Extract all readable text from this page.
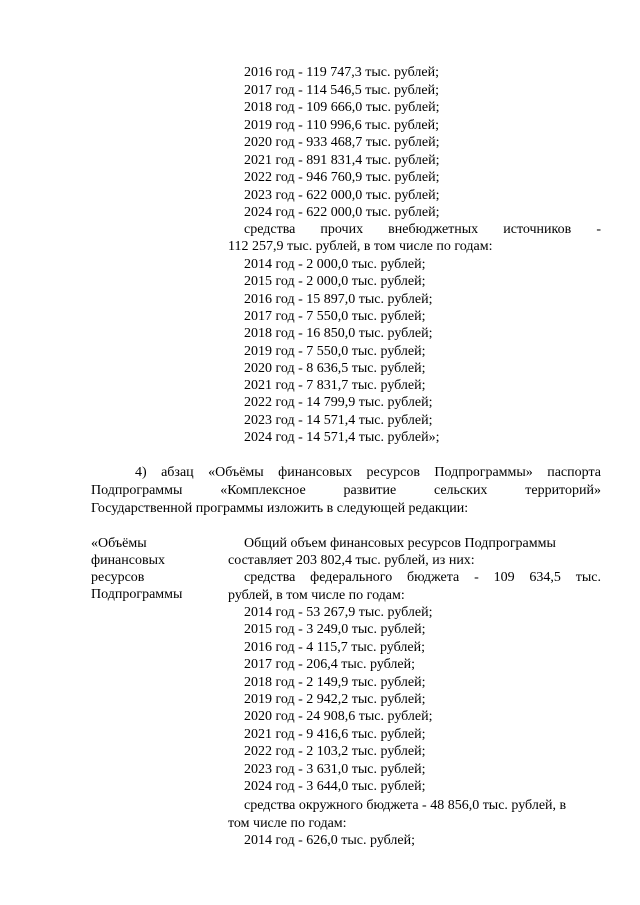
2016 год - 119 747,3 тыс. рублей;
2017 год - 114 546,5 тыс. рублей;
2018 год - 109 666,0 тыс. рублей;
2019 год - 110 996,6 тыс. рублей;
2020 год - 933 468,7 тыс. рублей;
2021 год - 891 831,4 тыс. рублей;
2022 год - 946 760,9 тыс. рублей;
2023 год - 622 000,0 тыс. рублей;
2024 год - 622 000,0 тыс. рублей;
средства прочих внебюджетных источников -
112 257,9 тыс. рублей, в том числе по годам:
2014 год - 2 000,0 тыс. рублей;
2015 год - 2 000,0 тыс. рублей;
2016 год - 15 897,0 тыс. рублей;
2017 год - 7 550,0 тыс. рублей;
2018 год - 16 850,0 тыс. рублей;
2019 год - 7 550,0 тыс. рублей;
2020 год - 8 636,5 тыс. рублей;
2021 год - 7 831,7 тыс. рублей;
2022 год - 14 799,9 тыс. рублей;
2023 год - 14 571,4 тыс. рублей;
2024 год - 14 571,4 тыс. рублей»;
4) абзац «Объёмы финансовых ресурсов Подпрограммы» паспорта
Подпрограммы	«Комплексное	развитие	сельских	территорий»
Государственной программы изложить в следующей редакции:
«Объёмы
финансовых
ресурсов
Подпрограммы
Общий объем финансовых ресурсов Подпрограммы
составляет 203 802,4 тыс. рублей, из них:
средства федерального бюджета - 109 634,5 тыс.
рублей, в том числе по годам:
2014 год - 53 267,9 тыс. рублей;
2015 год - 3 249,0 тыс. рублей;
2016 год - 4 115,7 тыс. рублей;
2017 год - 206,4 тыс. рублей;
2018 год - 2 149,9 тыс. рублей;
2019 год - 2 942,2 тыс. рублей;
2020 год - 24 908,6 тыс. рублей;
2021 год - 9 416,6 тыс. рублей;
2022 год - 2 103,2 тыс. рублей;
2023 год - 3 631,0 тыс. рублей;
2024 год - 3 644,0 тыс. рублей;
средства окружного бюджета - 48 856,0 тыс. рублей, в
том числе по годам:
2014 год - 626,0 тыс. рублей;
